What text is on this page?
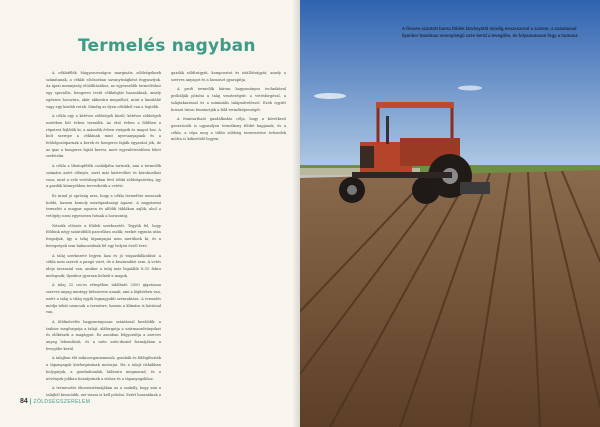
Termelés nagyban

A céklafélék Magyarországon margináis zöldségeknek számítanak, a céklát elsősorban savanyúságként fogyasztjuk. Az igazi mennyiség előállításához, az egyszerűbb termeléshez egy speciális, hengeres testű céklafajtát használnak, amely egészen hosszúra, akár akkorára megnőhet, mint a karalábé vagy egy kisebb retek. Mindig az ilyen céklából van a legtöbb.

A cékla egy a kétéves zöldségek közül; kétéves zöldségek esetében két évben termelik. Az első évben a földben a répatest fejlődik ki, a második évben virágzik és magot hoz. A bolt szerepe a céklának mint nyersanyagnak és a feldolgozóiparnak a kerek és hengeres fajták egyaránt jók, de az ipar a hengeres fajtát keresi, mert egyenletesebben lehet szeletelni.

A cékla a libatopfélék családjába tartozik, ami a termelők számára azért előnyös, mert más kártevőket és kórokozókat vonz, mint a vele vetésforgóban lévő többi zöldségnövény, így a gazdák könnyebben tervezhetik a vetést.

Ez mind jó apróság arra, hogy a cékla termelése nemcsak hobbi, hanem komoly mezőgazdasági ágazat. A nagyüzemi termelés a magyar ugaron és alföldi táblákon zajlik, ahol a vetőgép sorai egyenesen futnak a horizontig.

Nézzük először a földek szerkezetét. Tegyük fel, hogy földünk négy szántóföldi parcellára oszlik; ezeket egymás után forgatjuk, így a talaj tápanyagai nem merülnek ki, és a betegségek sem halmozódnak fel egy helyen évről évre.

A talaj szerkezete legyen laza és jó vízgazdálkodású: a cékla nem szereti a pangó vizet, de a kiszáradást sem. A vetés ideje tavasszal van, amikor a talaj már legalább 8–10 fokra melegszik; ilyenkor gyorsan kelnek a magok.

A talaj 25 cm-es rétegében található 2500 gigatonna szerves anyag mintegy kétszerese annak, ami a légkörben van, ezért a talaj a világ egyik legnagyobb szénraktára. A termelés módja tehát nemcsak a termésre, hanem a klímára is hatással van.

A földművelés hagyományosan szántással kezdődik: a traktor megforgatja a talajt, aláforgatja a szármaradványokat és előkészíti a magágyat. Ez azonban felgyorsítja a szerves anyag lebomlását, és a szén szén-dioxid formájában a levegőbe kerül.

A talajban élő mikroorganizmusok, gombák és földigiliszták a tápanyagok körforgásának motorjai. Ha a talajt ritkábban bolygatjuk, a gombafonalak hálózata megmarad, és a növények jobban hozzájutnak a vízhez és a tápanyagokhoz.

A termesztés ökoszisztémájában az a szabály, hogy ami a talajból kivonódik, azt vissza is kell pótolni. Ezért használnak a gazdák zöldtrágyát, komposztot és istállótrágyát, amely a szerves anyagot és a humuszt gyarapítja.

A profi termelők három hagyományos technikával próbálják pótolni a talaj veszteségeit: a vetésforgóval, a talajtakarással és a minimális talajműveléssel. Ezek együtt hosszú távon fenntartják a föld termőképességét.

A fenntartható gazdálkodás célja, hogy a következő generációk is ugyanilyen termékeny földet kapjanak, és a cékla, a répa meg a többi zöldség termesztése évtizedek múlva is kifizetődő legyen.

84 | ZÖLDSÉGSZERELEM
A frissen szántott barna földek látványától mindig összeszorul a szívem: a szántással ilyenkor hatalmas mennyiségű szén kerül a levegőbe, és folyamatosan fogy a humusz
